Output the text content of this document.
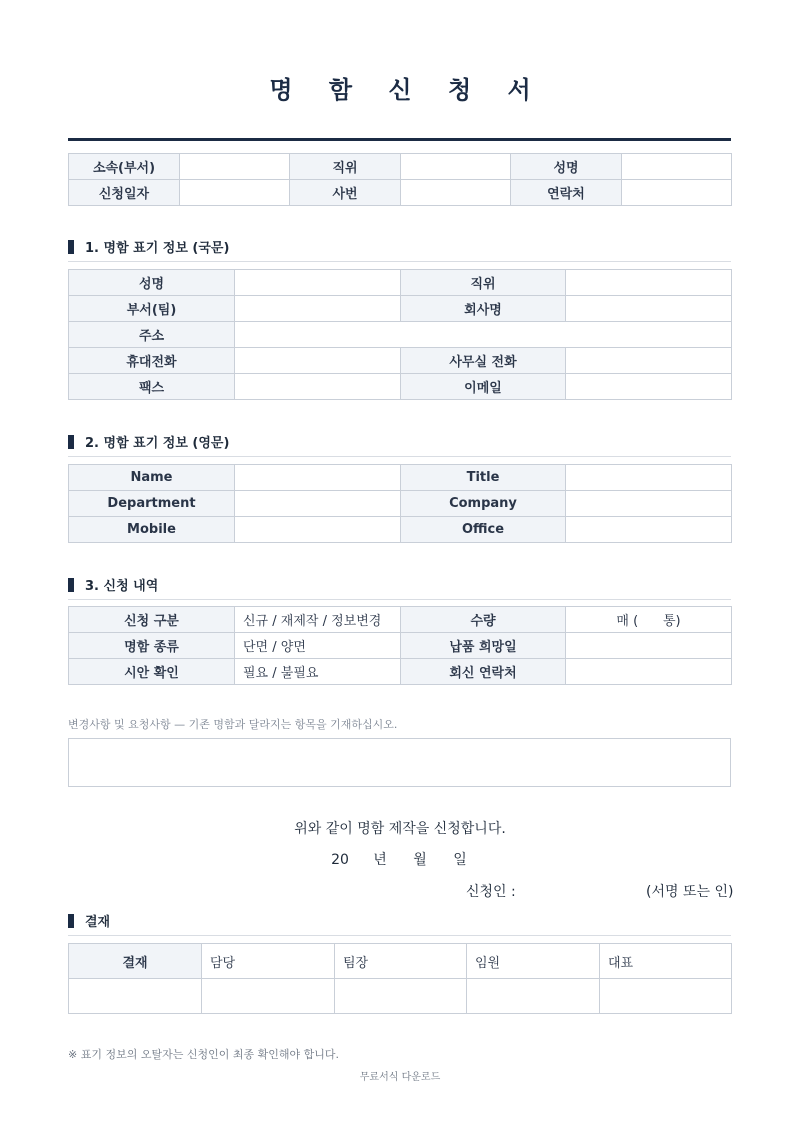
명 함 신 청 서
소속(부서)		직위		성명	
신청일자		사번		연락처	
1. 명함 표기 정보 (국문)
성명		직위	
부서(팀)		회사명	
주소			
휴대전화		사무실 전화	
팩스		이메일	
2. 명함 표기 정보 (영문)
Name		Title	
Department		Company	
Mobile		Office	
3. 신청 내역
신청 구분	신규 / 재제작 / 정보변경	수량	매 (      통)
명함 종류	단면 / 양면	납품 희망일	
시안 확인	필요 / 불필요	회신 연락처	
변경사항 및 요청사항 — 기존 명함과 달라지는 항목을 기재하십시오.
위와 같이 명함 제작을 신청합니다.
20 년 월 일
신청인 :	(서명 또는 인)
결재
결재	담당	팀장	임원	대표

※ 표기 정보의 오탈자는 신청인이 최종 확인해야 합니다.
무료서식 다운로드
